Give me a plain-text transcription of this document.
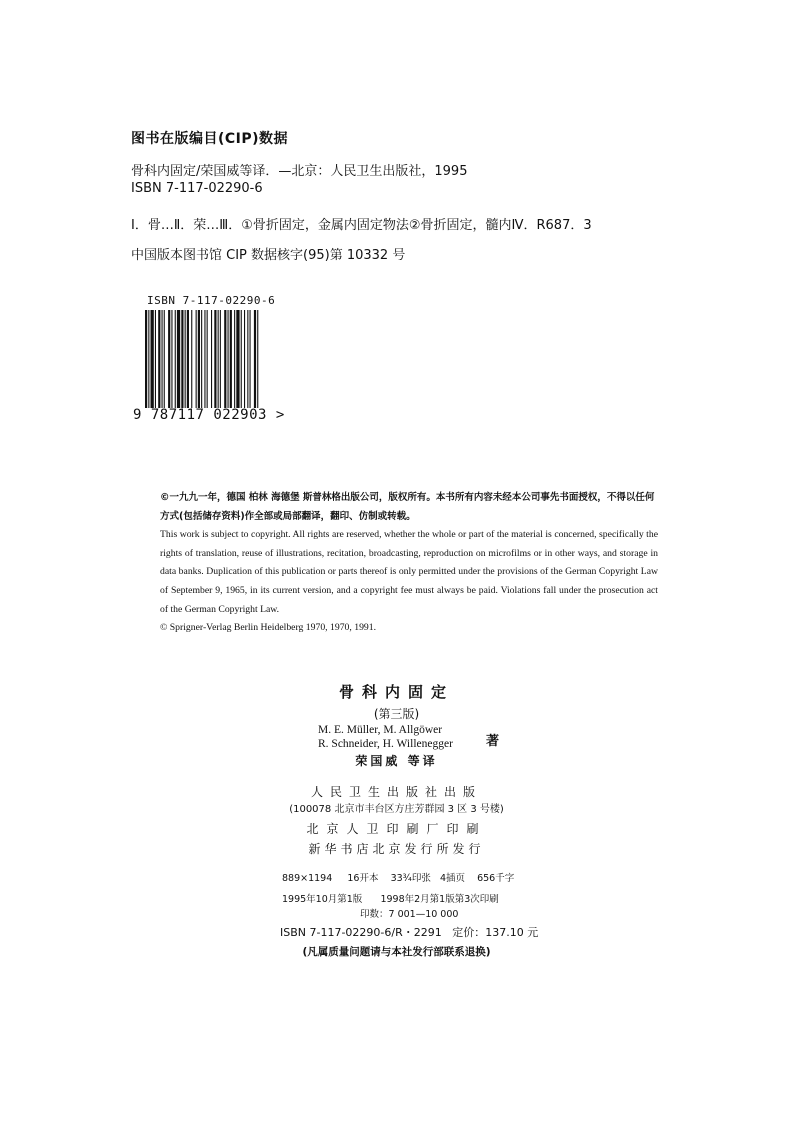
图书在版编目(CIP)数据
骨科内固定/荣国威等译．—北京：人民卫生出版社，1995
ISBN 7-117-02290-6
Ⅰ．骨…Ⅱ．荣…Ⅲ．①骨折固定，金属内固定物法②骨折固定，髓内Ⅳ．R687．3
中国版本图书馆 CIP 数据核字(95)第 10332 号
ISBN 7-117-02290-6
9 787117 022903 >

©一九九一年，德国 柏林 海德堡 斯普林格出版公司，版权所有。本书所有内容未经本公司事先书面授权，不得以任何方式(包括储存资料)作全部或局部翻译，翻印、仿制或转载。

This work is subject to copyright. All rights are reserved, whether the whole or part of the material is concerned, specifically the rights of translation, reuse of illustrations, recitation, broadcasting, reproduction on microfilms or in other ways, and storage in data banks. Duplication of this publication or parts thereof is only permitted under the provisions of the German Copyright Law of September 9, 1965, in its current version, and a copyright fee must always be paid. Violations fall under the prosecution act of the German Copyright Law.

© Sprigner-Verlag Berlin Heidelberg 1970, 1970, 1991.

骨科内固定
(第三版)
M. E. Müller, M. Allgöwer
R. Schneider, H. Willenegger	著
荣国威 等译
人民卫生出版社出版
(100078 北京市丰台区方庄芳群园 3 区 3 号楼)
北京人卫印刷厂印刷
新华书店北京发行所发行
889×1194 16开本 33¾印张 4插页 656千字
1995年10月第1版 1998年2月第1版第3次印刷
印数：7 001—10 000
ISBN 7-117-02290-6/R・2291 定价：137.10 元
(凡属质量问题请与本社发行部联系退换)
